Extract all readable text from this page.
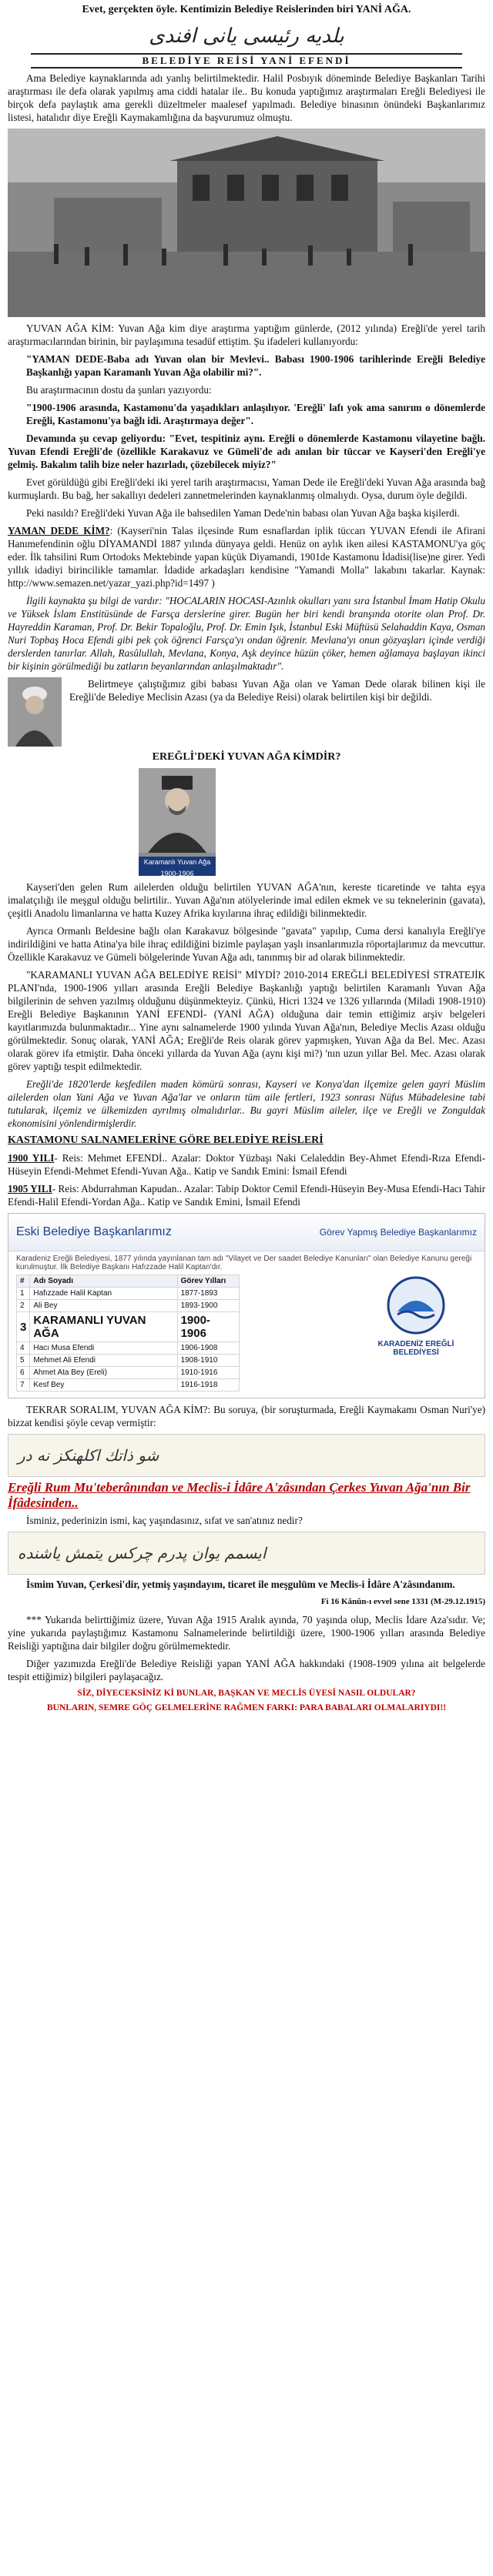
Evet, gerçekten öyle. Kentimizin Belediye Reislerinden biri YANİ AĞA.

بلدیه رئیسی یانی افندی
BELEDİYE REİSİ YANİ EFENDİ

Ama Belediye kaynaklarında adı yanlış belirtilmektedir. Halil Posbıyık döneminde Belediye Başkanları Tarihi araştırması ile defa olarak yapılmış ama ciddi hatalar ile.. Bu konuda yaptığımız araştırmaları Ereğli Belediyesi ile birçok defa paylaştık ama gerekli düzeltmeler maalesef yapılmadı. Belediye binasının önündeki Başkanlarımız listesi, hatalıdır diye Ereğli Kaymakamlığına da başvurumuz olmuştu.

YUVAN AĞA KİM: Yuvan Ağa kim diye araştırma yaptığım günlerde, (2012 yılında) Ereğli'de yerel tarih araştırmacılarından birinin, bir paylaşımına tesadüf ettiştim. Şu ifadeleri kullanıyordu:

"YAMAN DEDE-Baba adı Yuvan olan bir Mevlevi.. Babası 1900-1906 tarihlerinde Ereğli Belediye Başkanlığı yapan Karamanlı Yuvan Ağa olabilir mi?".

Bu araştırmacının dostu da şunları yazıyordu:

"1900-1906 arasında, Kastamonu'da yaşadıkları anlaşılıyor. 'Ereğli' lafı yok ama sanırım o dönemlerde Ereğli, Kastamonu'ya bağlı idi. Araştırmaya değer".

Devamında şu cevap geliyordu: "Evet, tespitiniz aynı. Ereğli o dönemlerde Kastamonu vilayetine bağlı. Yuvan Efendi Ereğli'de (özellikle Karakavuz ve Gümeli'de adı anılan bir tüccar ve Kayseri'den Ereğli'ye gelmiş. Bakalım talih bize neler hazırladı, çözebilecek miyiz?"

Evet görüldüğü gibi Ereğli'deki iki yerel tarih araştırmacısı, Yaman Dede ile Ereğli'deki Yuvan Ağa arasında bağ kurmuşlardı. Bu bağ, her sakallıyı dedeleri zannetmelerinden kaynaklanmış olmalıydı. Oysa, durum öyle değildi.

Peki nasıldı? Ereğli'deki Yuvan Ağa ile bahsedilen Yaman Dede'nin babası olan Yuvan Ağa başka kişilerdi.

YAMAN DEDE KİM?: (Kayseri'nin Talas ilçesinde Rum esnaflardan iplik tüccarı YUVAN Efendi ile Afirani Hanımefendinin oğlu DİYAMANDİ 1887 yılında dünyaya geldi. Henüz on aylık iken ailesi KASTAMONU'ya göç eder. İlk tahsilini Rum Ortodoks Mektebinde yapan küçük Diyamandi, 1901de Kastamonu İdadisi(lise)ne girer. Yedi yıllık idadiyi birincilikle tamamlar. İdadide arkadaşları kendisine "Yamandi Molla" lakabını takarlar. Kaynak: http://www.semazen.net/yazar_yazi.php?id=1497 )

İlgili kaynakta şu bilgi de vardır: "HOCALARIN HOCASI-Azınlık okulları yanı sıra İstanbul İmam Hatip Okulu ve Yüksek İslam Enstitüsünde de Farsça derslerine girer. Bugün her biri kendi branşında otorite olan Prof. Dr. Hayreddin Karaman, Prof. Dr. Bekir Topaloğlu, Prof. Dr. Emin Işık, İstanbul Eski Müftüsü Selahaddin Kaya, Osman Nuri Topbaş Hoca Efendi gibi pek çok öğrenci Farsça'yı ondan öğrenir. Mevlana'yı onun gözyaşları içinde verdiği derslerden tanırlar. Allah, Rasûlullah, Mevlana, Konya, Aşk deyince hüzün çöker, hemen ağlamaya başlayan ikinci bir kişinin görülmediği bu zatların beyanlarından anlaşılmaktadır".

Belirtmeye çalıştığımız gibi babası Yuvan Ağa olan ve Yaman Dede olarak bilinen kişi ile Ereğli'de Belediye Meclisin Azası (ya da Belediye Reisi) olarak belirtilen kişi bir değildi.

EREĞLİ'DEKİ YUVAN AĞA KİMDİR?
Karamanlı Yuvan Ağa
1900-1906

Kayseri'den gelen Rum ailelerden olduğu belirtilen YUVAN AĞA'nın, kereste ticaretinde ve tahta eşya imalatçılığı ile meşgul olduğu belirtilir.. Yuvan Ağa'nın atölyelerinde imal edilen ekmek ve su teknelerinin (gavata), çeşitli Anadolu limanlarına ve hatta Kuzey Afrika kıyılarına ihraç edildiği bilinmektedir.

Ayrıca Ormanlı Beldesine bağlı olan Karakavuz bölgesinde "gavata" yapılıp, Cuma dersi kanalıyla Ereğli'ye indirildiğini ve hatta Atina'ya bile ihraç edildiğini bizimle paylaşan yaşlı insanlarımızla röportajlarımız da mevcuttur. Özellikle Karakavuz ve Gümeli bölgelerinde Yuvan Ağa adı, tanınmış bir ad olarak bilinmektedir.

"KARAMANLI YUVAN AĞA BELEDİYE REİSİ" MİYDİ? 2010-2014 EREĞLİ BELEDİYESİ STRATEJİK PLANI'nda, 1900-1906 yılları arasında Ereğli Belediye Başkanlığı yaptığı belirtilen Karamanlı Yuvan Ağa bilgilerinin de sehven yazılmış olduğunu düşünmekteyiz. Çünkü, Hicri 1324 ve 1326 yıllarında (Miladi 1908-1910) Ereğli Belediye Başkanının YANİ EFENDİ- (YANİ AĞA) olduğuna dair temin ettiğimiz arşiv belgeleri kayıtlarımızda bulunmaktadır... Yine aynı salnamelerde 1900 yılında Yuvan Ağa'nın, Belediye Meclis Azası olduğu görülmektedir. Sonuç olarak, YANİ AĞA; Ereğli'de Reis olarak görev yapmışken, Yuvan Ağa da Bel. Mec. Azası olarak görev ifa etmiştir. Daha önceki yıllarda da Yuvan Ağa (aynı kişi mi?) 'nın uzun yıllar Bel. Mec. Azası olarak görev yaptığı tespit edilmektedir.

Ereğli'de 1820'lerde keşfedilen maden kömürü sonrası, Kayseri ve Konya'dan ilçemize gelen gayri Müslim ailelerden olan Yani Ağa ve Yuvan Ağa'lar ve onların tüm aile fertleri, 1923 sonrası Nüfus Mübadelesine tabi tutularak, ilçemiz ve ülkemizden ayrılmış olmalıdırlar.. Bu gayri Müslim aileler, ilçe ve Ereğli ve Zonguldak ekonomisini yönlendirmişlerdir.

KASTAMONU SALNAMELERİNE GÖRE BELEDİYE REİSLERİ

1900 YILI- Reis: Mehmet EFENDİ.. Azalar: Doktor Yüzbaşı Naki Celaleddin Bey-Ahmet Efendi-Rıza Efendi-Hüseyin Efendi-Mehmet Efendi-Yuvan Ağa.. Katip ve Sandık Emini: İsmail Efendi

1905 YILI- Reis: Abdurrahman Kapudan.. Azalar: Tabip Doktor Cemil Efendi-Hüseyin Bey-Musa Efendi-Hacı Tahir Efendi-Halil Efendi-Yordan Ağa.. Katip ve Sandık Emini, İsmail Efendi

Eski Belediye Başkanlarımız	Görev Yapmış Belediye Başkanlarımız
Karadeniz Ereğli Belediyesi, 1877 yılında yayınlanan tam adı "Vilayet ve Der saadet Belediye Kanunları" olan Belediye Kanunu gereği kurulmuştur. İlk Belediye Başkanı Hafızzade Halil Kaptan'dır.
#	Adı Soyadı	Görev Yılları
1	Hafızzade Halil Kaptan	1877-1893
2	Ali Bey	1893-1900
3	KARAMANLI YUVAN AĞA	1900-1906
4	Hacı Musa Efendi	1906-1908
5	Mehmet Ali Efendi	1908-1910
6	Ahmet Ata Bey (Ereli)	1910-1916
7	Kesf Bey	1916-1918
KARADENİZ EREĞLİ BELEDİYESİ

TEKRAR SORALIM, YUVAN AĞA KİM?: Bu soruya, (bir soruşturmada, Ereğli Kaymakamı Osman Nuri'ye) bizzat kendisi şöyle cevap vermiştir:

شو ذاتك اكلهنكز نه در
Ereğli Rum Mu'teberânından ve Meclis-i İdâre A'zâsından Çerkes Yuvan Ağa'nın Bir İfâdesinden..

İsminiz, pederinizin ismi, kaç yaşındasınız, sıfat ve san'atınız nedir?

ایسمم یوان پدرم چرکس یتمش یاشنده

İsmim Yuvan, Çerkesi'dir, yetmiş yaşındayım, ticaret ile meşgulüm ve Meclis-i İdâre A'zâsındanım.

Fi 16 Kânûn-ı evvel sene 1331 (M-29.12.1915)

*** Yukarıda belirttiğimiz üzere, Yuvan Ağa 1915 Aralık ayında, 70 yaşında olup, Meclis İdare Aza'sıdır. Ve; yine yukarıda paylaştığımız Kastamonu Salnamelerinde belirtildiği üzere, 1900-1906 yılları arasında Belediye Reisliği yaptığına dair bilgiler doğru görülmemektedir.

Diğer yazımızda Ereğli'de Belediye Reisliği yapan YANİ AĞA hakkındaki (1908-1909 yılına ait belgelerde tespit ettiğimiz) bilgileri paylaşacağız.

SİZ, DİYECEKSİNİZ Kİ BUNLAR, BAŞKAN VE MECLİS ÜYESİ NASIL OLDULAR?
BUNLARIN, SEMRE GÖÇ GELMELERİNE RAĞMEN FARKI: PARA BABALARI OLMALARIYDI!!
